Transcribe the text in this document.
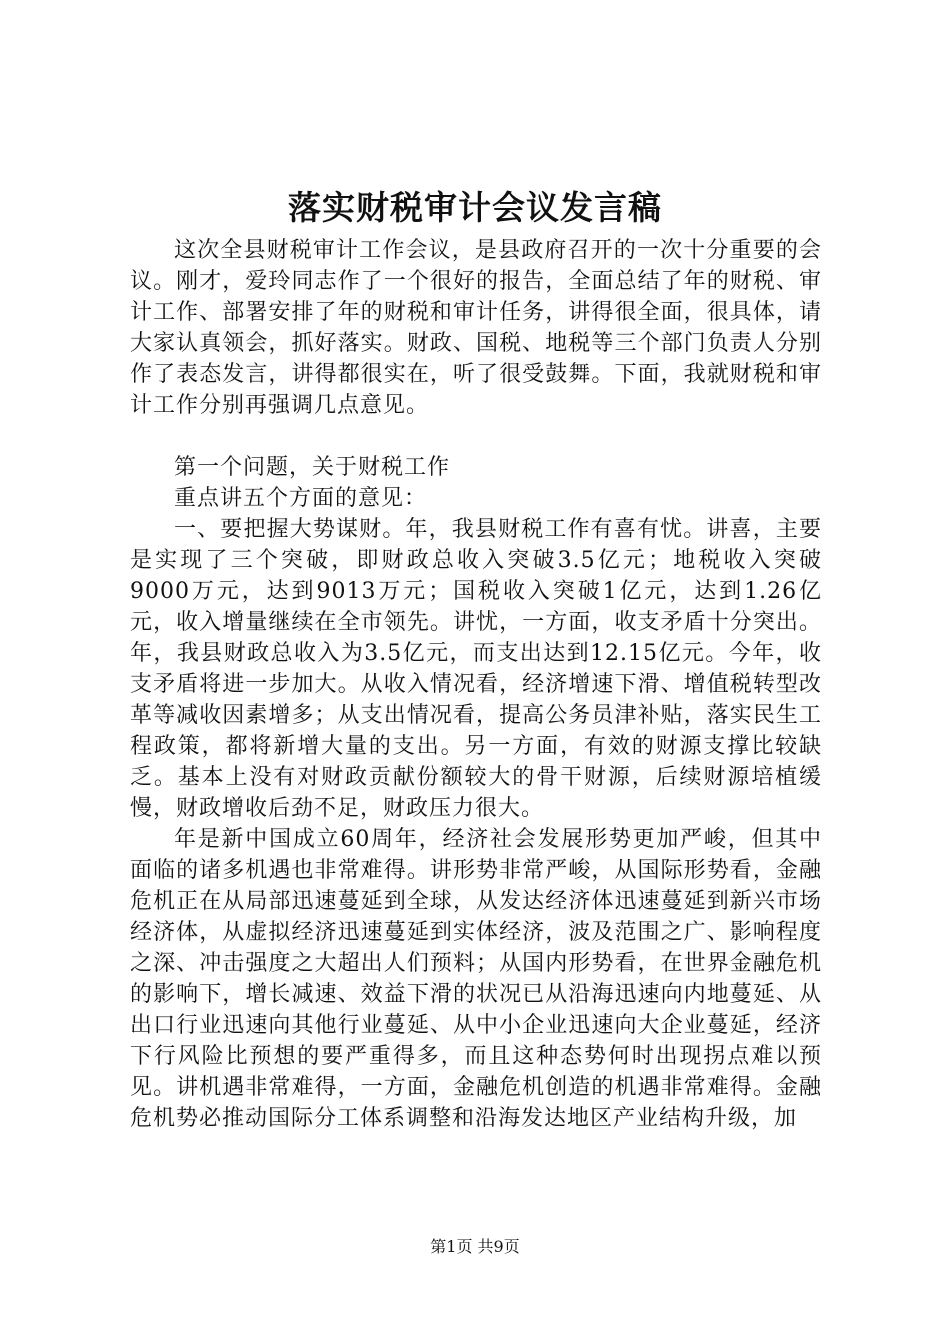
落实财税审计会议发言稿

这次全县财税审计工作会议，是县政府召开的一次十分重要的会议。刚才，爱玲同志作了一个很好的报告，全面总结了年的财税、审计工作、部署安排了年的财税和审计任务，讲得很全面，很具体，请大家认真领会，抓好落实。财政、国税、地税等三个部门负责人分别作了表态发言，讲得都很实在，听了很受鼓舞。下面，我就财税和审计工作分别再强调几点意见。

第一个问题，关于财税工作

重点讲五个方面的意见：

一、要把握大势谋财。年，我县财税工作有喜有忧。讲喜，主要是实现了三个突破，即财政总收入突破3.5亿元；地税收入突破9000万元，达到9013万元；国税收入突破1亿元，达到1.26亿元，收入增量继续在全市领先。讲忧，一方面，收支矛盾十分突出。年，我县财政总收入为3.5亿元，而支出达到12.15亿元。今年，收支矛盾将进一步加大。从收入情况看，经济增速下滑、增值税转型改革等减收因素增多；从支出情况看，提高公务员津补贴，落实民生工程政策，都将新增大量的支出。另一方面，有效的财源支撑比较缺乏。基本上没有对财政贡献份额较大的骨干财源，后续财源培植缓慢，财政增收后劲不足，财政压力很大。

年是新中国成立60周年，经济社会发展形势更加严峻，但其中面临的诸多机遇也非常难得。讲形势非常严峻，从国际形势看，金融危机正在从局部迅速蔓延到全球，从发达经济体迅速蔓延到新兴市场经济体，从虚拟经济迅速蔓延到实体经济，波及范围之广、影响程度之深、冲击强度之大超出人们预料；从国内形势看，在世界金融危机的影响下，增长减速、效益下滑的状况已从沿海迅速向内地蔓延、从出口行业迅速向其他行业蔓延、从中小企业迅速向大企业蔓延，经济下行风险比预想的要严重得多，而且这种态势何时出现拐点难以预见。讲机遇非常难得，一方面，金融危机创造的机遇非常难得。金融危机势必推动国际分工体系调整和沿海发达地区产业结构升级，加

第1页 共9页
